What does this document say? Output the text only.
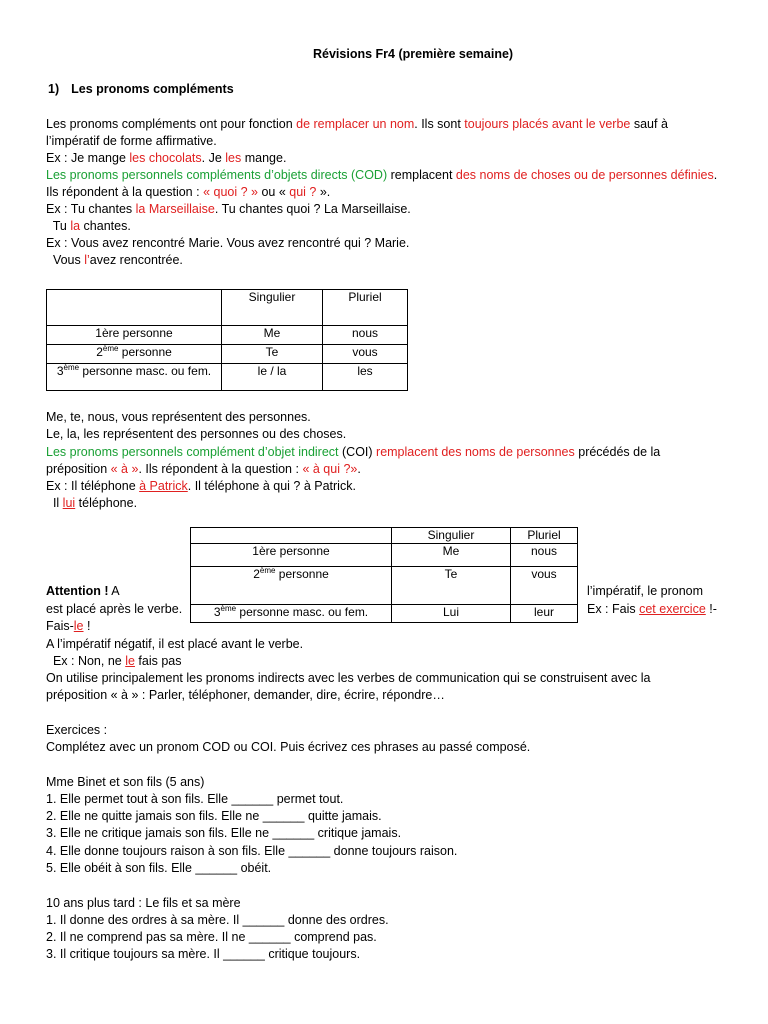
Révisions Fr4 (première semaine)
1) Les pronoms compléments
Les pronoms compléments ont pour fonction de remplacer un nom. Ils sont toujours placés avant le verbe sauf à
l’impératif de forme affirmative.
Ex : Je mange les chocolats. Je les mange.
Les pronoms personnels compléments d’objets directs (COD) remplacent des noms de choses ou de personnes définies.
Ils répondent à la question : « quoi ? » ou « qui ? ».
Ex : Tu chantes la Marseillaise. Tu chantes quoi ? La Marseillaise.
Tu la chantes.
Ex : Vous avez rencontré Marie. Vous avez rencontré qui ? Marie.
Vous l’avez rencontrée.
	Singulier	Pluriel
1ère personne	Me	nous
2ème personne	Te	vous
3ème personne masc. ou fem.	le / la	les
Me, te, nous, vous représentent des personnes.
Le, la, les représentent des personnes ou des choses.
Les pronoms personnels complément d’objet indirect (COI) remplacent des noms de personnes précédés de la
préposition « à ». Ils répondent à la question : « à qui ?».
Ex : Il téléphone à Patrick. Il téléphone à qui ? à Patrick.
Il lui téléphone.
	Singulier	Pluriel
1ère personne	Me	nous
2ème personne	Te	vous
3ème personne masc. ou fem.	Lui	leur
Attention ! A
est placé après le verbe.
Fais-le !
l’impératif, le pronom
Ex : Fais cet exercice !-
A l’impératif négatif, il est placé avant le verbe.
Ex : Non, ne le fais pas
On utilise principalement les pronoms indirects avec les verbes de communication qui se construisent avec la
préposition « à » : Parler, téléphoner, demander, dire, écrire, répondre…
Exercices :
Complétez avec un pronom COD ou COI. Puis écrivez ces phrases au passé composé.
Mme Binet et son fils (5 ans)
1. Elle permet tout à son fils. Elle ______ permet tout.
2. Elle ne quitte jamais son fils. Elle ne ______ quitte jamais.
3. Elle ne critique jamais son fils. Elle ne ______ critique jamais.
4. Elle donne toujours raison à son fils. Elle ______ donne toujours raison.
5. Elle obéit à son fils. Elle ______ obéit.
10 ans plus tard : Le fils et sa mère
1. Il donne des ordres à sa mère. Il ______ donne des ordres.
2. Il ne comprend pas sa mère. Il ne ______ comprend pas.
3. Il critique toujours sa mère. Il ______ critique toujours.
